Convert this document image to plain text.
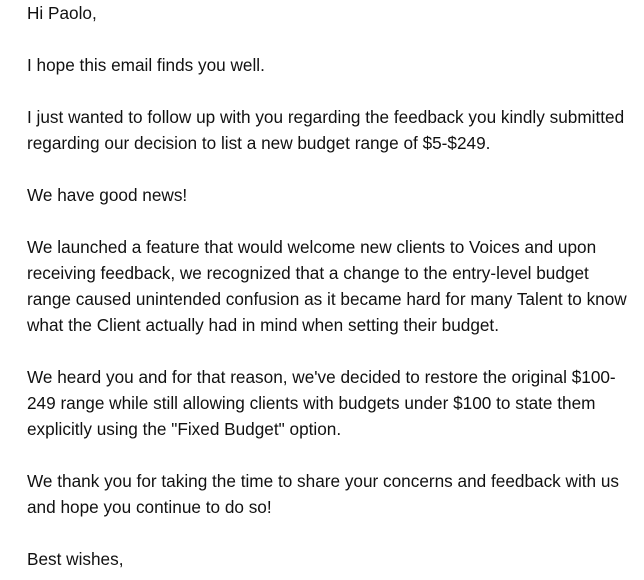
Hi Paolo,

I hope this email finds you well.

I just wanted to follow up with you regarding the feedback you kindly submitted regarding our decision to list a new budget range of $5-$249.

We have good news!

We launched a feature that would welcome new clients to Voices and upon receiving feedback, we recognized that a change to the entry-level budget range caused unintended confusion as it became hard for many Talent to know what the Client actually had in mind when setting their budget.

We heard you and for that reason, we've decided to restore the original $100-249 range while still allowing clients with budgets under $100 to state them explicitly using the "Fixed Budget" option.

We thank you for taking the time to share your concerns and feedback with us and hope you continue to do so!

Best wishes,
